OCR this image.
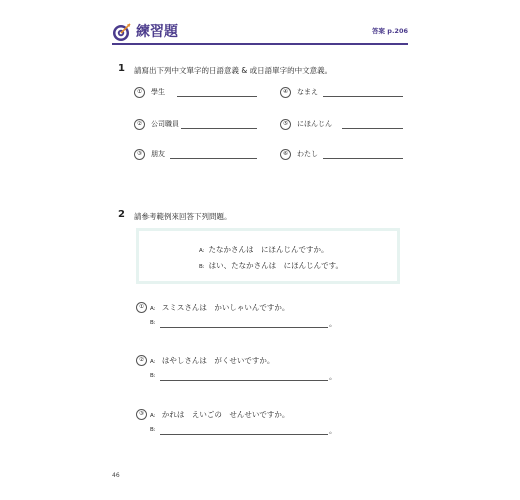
練習題	答案 p.206
1 請寫出下列中文單字的日語意義 & 或日語單字的中文意義。
①	學生
②	公司職員
③	朋友
④	なまえ
⑤	にほんじん
⑥	わたし
2 請參考範例來回答下列問題。
A: たなかさんは　にほんじんですか。
B: はい、たなかさんは　にほんじんです。
①	A: スミスさんは　かいしゃいんですか。
B:	。
②	A: はやしさんは　がくせいですか。
B:	。
③	A: かれは　えいごの　せんせいですか。
B:	。
46
